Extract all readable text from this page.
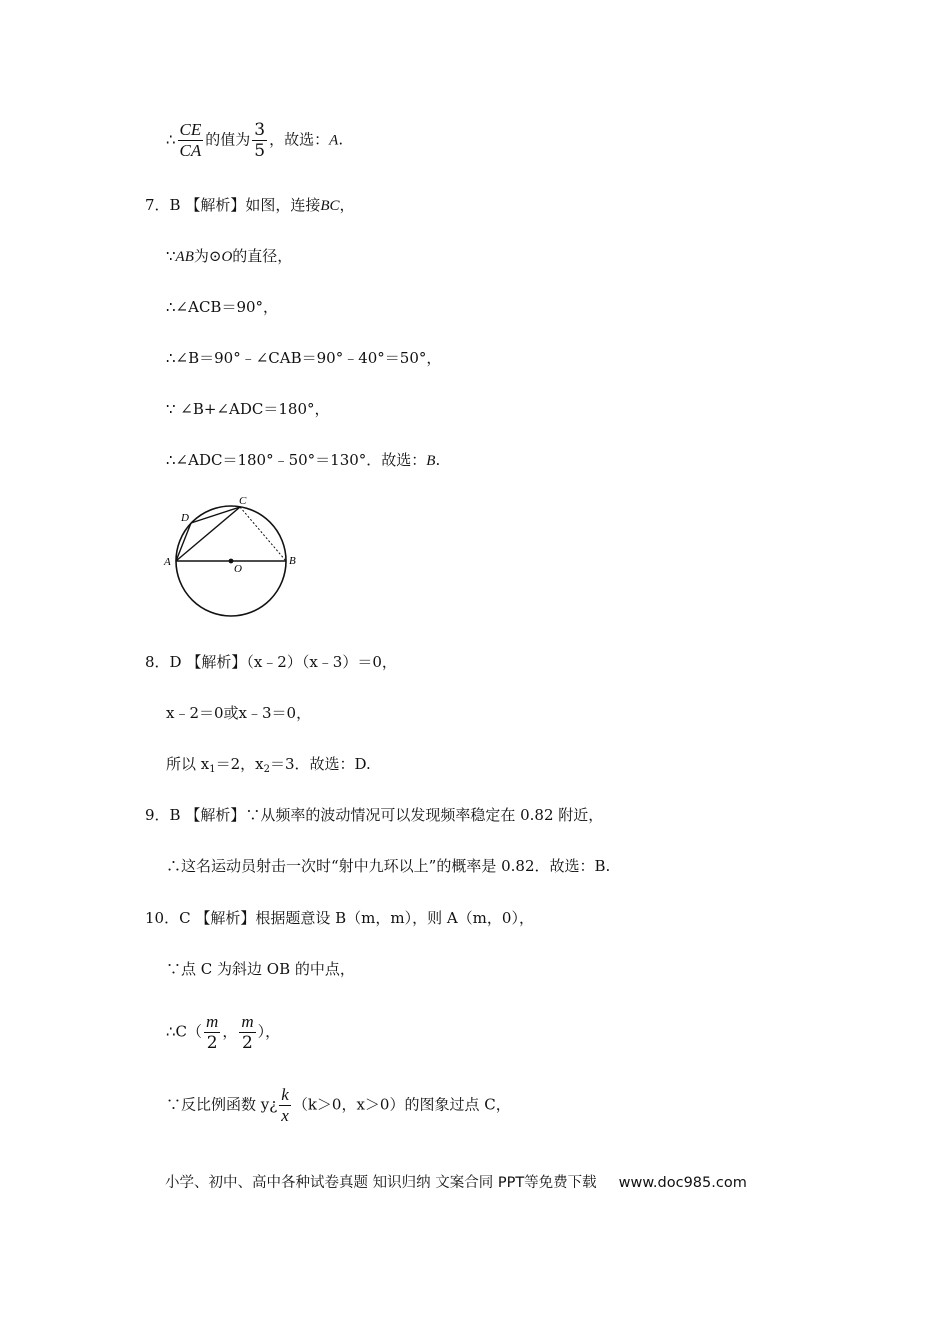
∴ $\frac{CE}{CA}$ 的值为 $\frac{3}{5}$ ，故选：A.
7．B 【解析】如图，连接BC，
∵AB为⊙O的直径，
∴∠ACB＝90°，
∴∠B＝90°﹣∠CAB＝90°﹣40°＝50°，
∵ ∠B+∠ADC＝180°，
∴∠ADC＝180°﹣50°＝130°．故选：B.
C
D
A
O
B
8．D 【解析】（x﹣2）（x﹣3）＝0，
x﹣2＝0或x﹣3＝0，
所以 $x_1=2$，$x_2=3$．故选：D.
9．B 【解析】∵从频率的波动情况可以发现频率稳定在 0.82 附近，
∴这名运动员射击一次时“射中九环以上”的概率是 0.82．故选：B.
10．C 【解析】根据题意设 B（m，m），则 A（m，0），
∵点 C 为斜边 OB 的中点，
∴C（ $\frac{m}{2}$ ， $\frac{m}{2}$ ），
∵反比例函数 y¿ $\frac{k}{x} (k>0$，x＞0）的图象过点 C，
小学、初中、高中各种试卷真题 知识归纳 文案合同 PPT等免费下载 www.doc985.com
